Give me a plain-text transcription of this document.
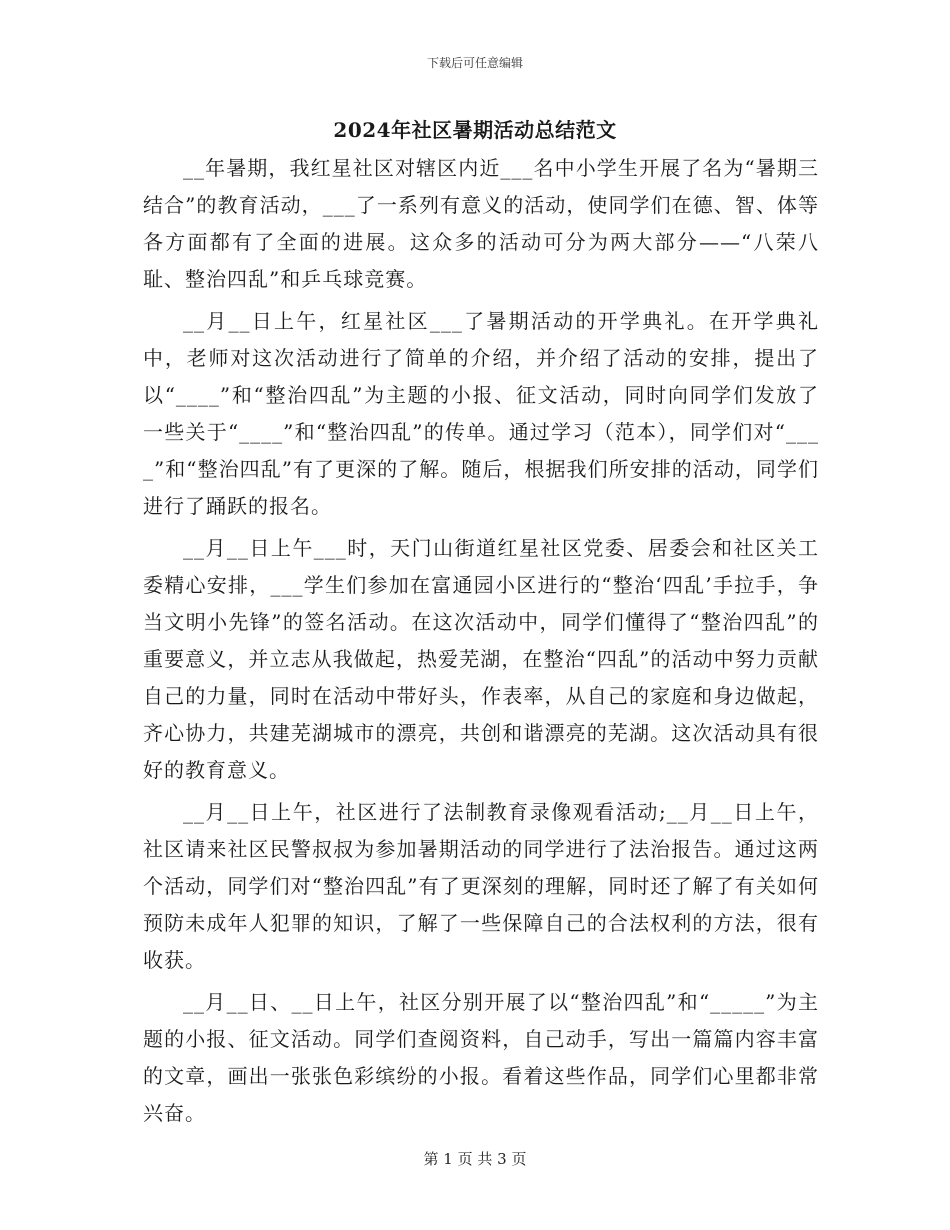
下载后可任意编辑
2024年社区暑期活动总结范文

__年暑期，我红星社区对辖区内近___名中小学生开展了名为“暑期三结合”的教育活动，___了一系列有意义的活动，使同学们在德、智、体等各方面都有了全面的进展。这众多的活动可分为两大部分——“八荣八耻、整治四乱”和乒乓球竞赛。

__月__日上午，红星社区___了暑期活动的开学典礼。在开学典礼中，老师对这次活动进行了简单的介绍，并介绍了活动的安排，提出了以“____”和“整治四乱”为主题的小报、征文活动，同时向同学们发放了一些关于“____”和“整治四乱”的传单。通过学习（范本），同学们对“____”和“整治四乱”有了更深的了解。随后，根据我们所安排的活动，同学们进行了踊跃的报名。

__月__日上午___时，天门山街道红星社区党委、居委会和社区关工委精心安排，___学生们参加在富通园小区进行的“整治‘四乱’手拉手，争当文明小先锋”的签名活动。在这次活动中，同学们懂得了“整治四乱”的重要意义，并立志从我做起，热爱芜湖，在整治“四乱”的活动中努力贡献自己的力量，同时在活动中带好头，作表率，从自己的家庭和身边做起，齐心协力，共建芜湖城市的漂亮，共创和谐漂亮的芜湖。这次活动具有很好的教育意义。

__月__日上午，社区进行了法制教育录像观看活动;__月__日上午，社区请来社区民警叔叔为参加暑期活动的同学进行了法治报告。通过这两个活动，同学们对“整治四乱”有了更深刻的理解，同时还了解了有关如何预防未成年人犯罪的知识，了解了一些保障自己的合法权利的方法，很有收获。

__月__日、__日上午，社区分别开展了以“整治四乱”和“_____”为主题的小报、征文活动。同学们查阅资料，自己动手，写出一篇篇内容丰富的文章，画出一张张色彩缤纷的小报。看着这些作品，同学们心里都非常兴奋。

第 1 页 共 3 页
